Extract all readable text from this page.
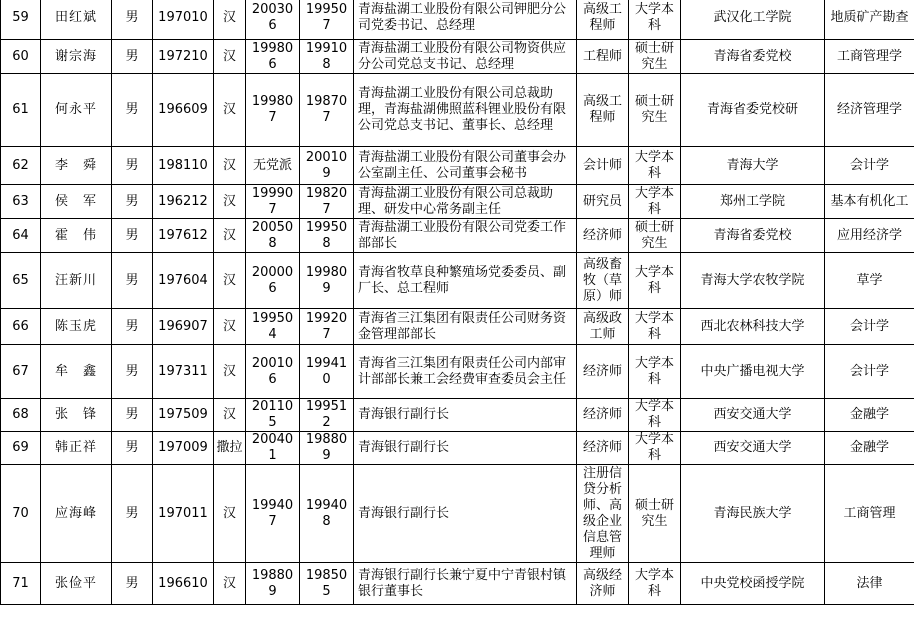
59	田红斌	男	197010	汉	200306	199507	青海盐湖工业股份有限公司钾肥分公司党委书记、总经理	高级工程师	大学本科	武汉化工学院	地质矿产勘查
60	谢宗海	男	197210	汉	199806	199108	青海盐湖工业股份有限公司物资供应分公司党总支书记、总经理	工程师	硕士研究生	青海省委党校	工商管理学
61	何永平	男	196609	汉	199807	198707	青海盐湖工业股份有限公司总裁助理，青海盐湖佛照蓝科锂业股份有限公司党总支书记、董事长、总经理	高级工程师	硕士研究生	青海省委党校研	经济管理学
62	李　舜	男	198110	汉	无党派	200109	青海盐湖工业股份有限公司董事会办公室副主任、公司董事会秘书	会计师	大学本科	青海大学	会计学
63	侯　军	男	196212	汉	199907	198207	青海盐湖工业股份有限公司总裁助理、研发中心常务副主任	研究员	大学本科	郑州工学院	基本有机化工
64	霍　伟	男	197612	汉	200508	199508	青海盐湖工业股份有限公司党委工作部部长	经济师	硕士研究生	青海省委党校	应用经济学
65	汪新川	男	197604	汉	200006	199809	青海省牧草良种繁殖场党委委员、副厂长、总工程师	高级畜牧（草原）师	大学本科	青海大学农牧学院	草学
66	陈玉虎	男	196907	汉	199504	199207	青海省三江集团有限责任公司财务资金管理部部长	高级政工师	大学本科	西北农林科技大学	会计学
67	牟　鑫	男	197311	汉	200106	199410	青海省三江集团有限责任公司内部审计部部长兼工会经费审查委员会主任	经济师	大学本科	中央广播电视大学	会计学
68	张　锋	男	197509	汉	201105	199512	青海银行副行长	经济师	大学本科	西安交通大学	金融学
69	韩正祥	男	197009	撒拉	200401	198809	青海银行副行长	经济师	大学本科	西安交通大学	金融学
70	应海峰	男	197011	汉	199407	199408	青海银行副行长	注册信贷分析师、高级企业信息管理师	硕士研究生	青海民族大学	工商管理
71	张俭平	男	196610	汉	198809	198505	青海银行副行长兼宁夏中宁青银村镇银行董事长	高级经济师	大学本科	中央党校函授学院	法律
